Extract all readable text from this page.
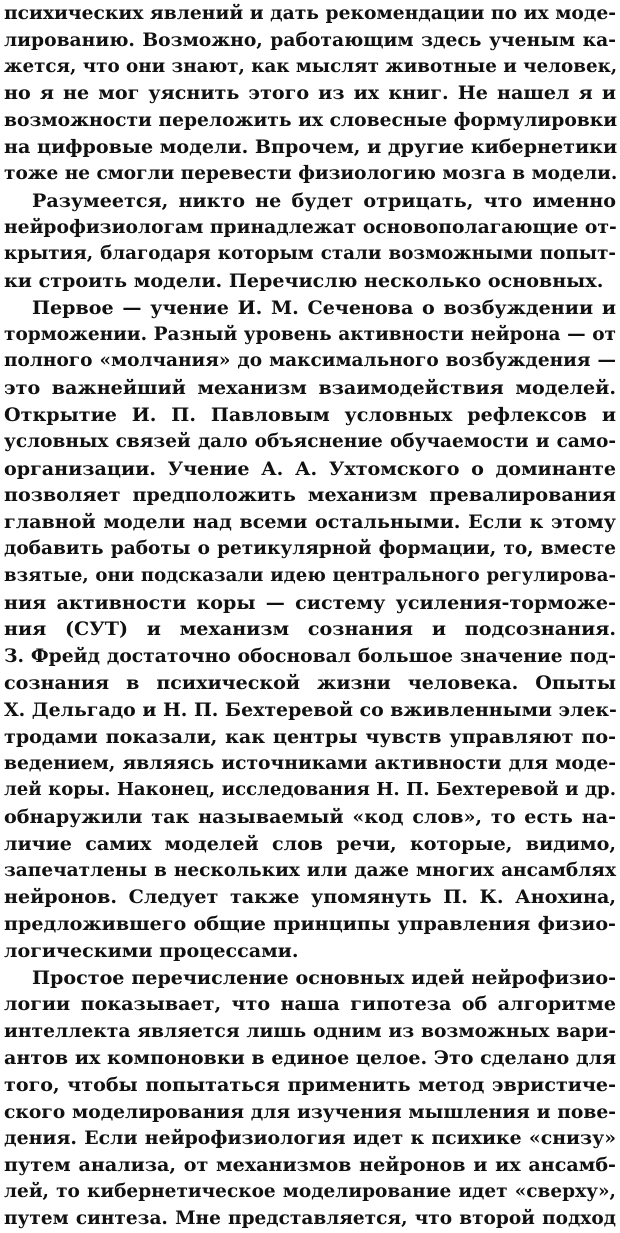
психических явлений и дать рекомендации по их моде-
лированию. Возможно, работающим здесь ученым ка-
жется, что они знают, как мыслят животные и человек,
но я не мог уяснить этого из их книг. Не нашел я и
возможности переложить их словесные формулировки
на цифровые модели. Впрочем, и другие кибернетики
тоже не смогли перевести физиологию мозга в модели.
Разумеется, никто не будет отрицать, что именно
нейрофизиологам принадлежат основополагающие от-
крытия, благодаря которым стали возможными попыт-
ки строить модели. Перечислю несколько основных.
Первое — учение И. М. Сеченова о возбуждении и
торможении. Разный уровень активности нейрона — от
полного «молчания» до максимального возбуждения —
это важнейший механизм взаимодействия моделей.
Открытие И. П. Павловым условных рефлексов и
условных связей дало объяснение обучаемости и само-
организации. Учение А. А. Ухтомского о доминанте
позволяет предположить механизм превалирования
главной модели над всеми остальными. Если к этому
добавить работы о ретикулярной формации, то, вместе
взятые, они подсказали идею центрального регулирова-
ния активности коры — систему усиления-торможе-
ния (СУТ) и механизм сознания и подсознания.
З. Фрейд достаточно обосновал большое значение под-
сознания в психической жизни человека. Опыты
Х. Дельгадо и Н. П. Бехтеревой со вживленными элек-
тродами показали, как центры чувств управляют по-
ведением, являясь источниками активности для моде-
лей коры. Наконец, исследования Н. П. Бехтеревой и др.
обнаружили так называемый «код слов», то есть на-
личие самих моделей слов речи, которые, видимо,
запечатлены в нескольких или даже многих ансамблях
нейронов. Следует также упомянуть П. К. Анохина,
предложившего общие принципы управления физио-
логическими процессами.
Простое перечисление основных идей нейрофизио-
логии показывает, что наша гипотеза об алгоритме
интеллекта является лишь одним из возможных вари-
антов их компоновки в единое целое. Это сделано для
того, чтобы попытаться применить метод эвристиче-
ского моделирования для изучения мышления и пове-
дения. Если нейрофизиология идет к психике «снизу»
путем анализа, от механизмов нейронов и их ансамб-
лей, то кибернетическое моделирование идет «сверху»,
путем синтеза. Мне представляется, что второй подход
